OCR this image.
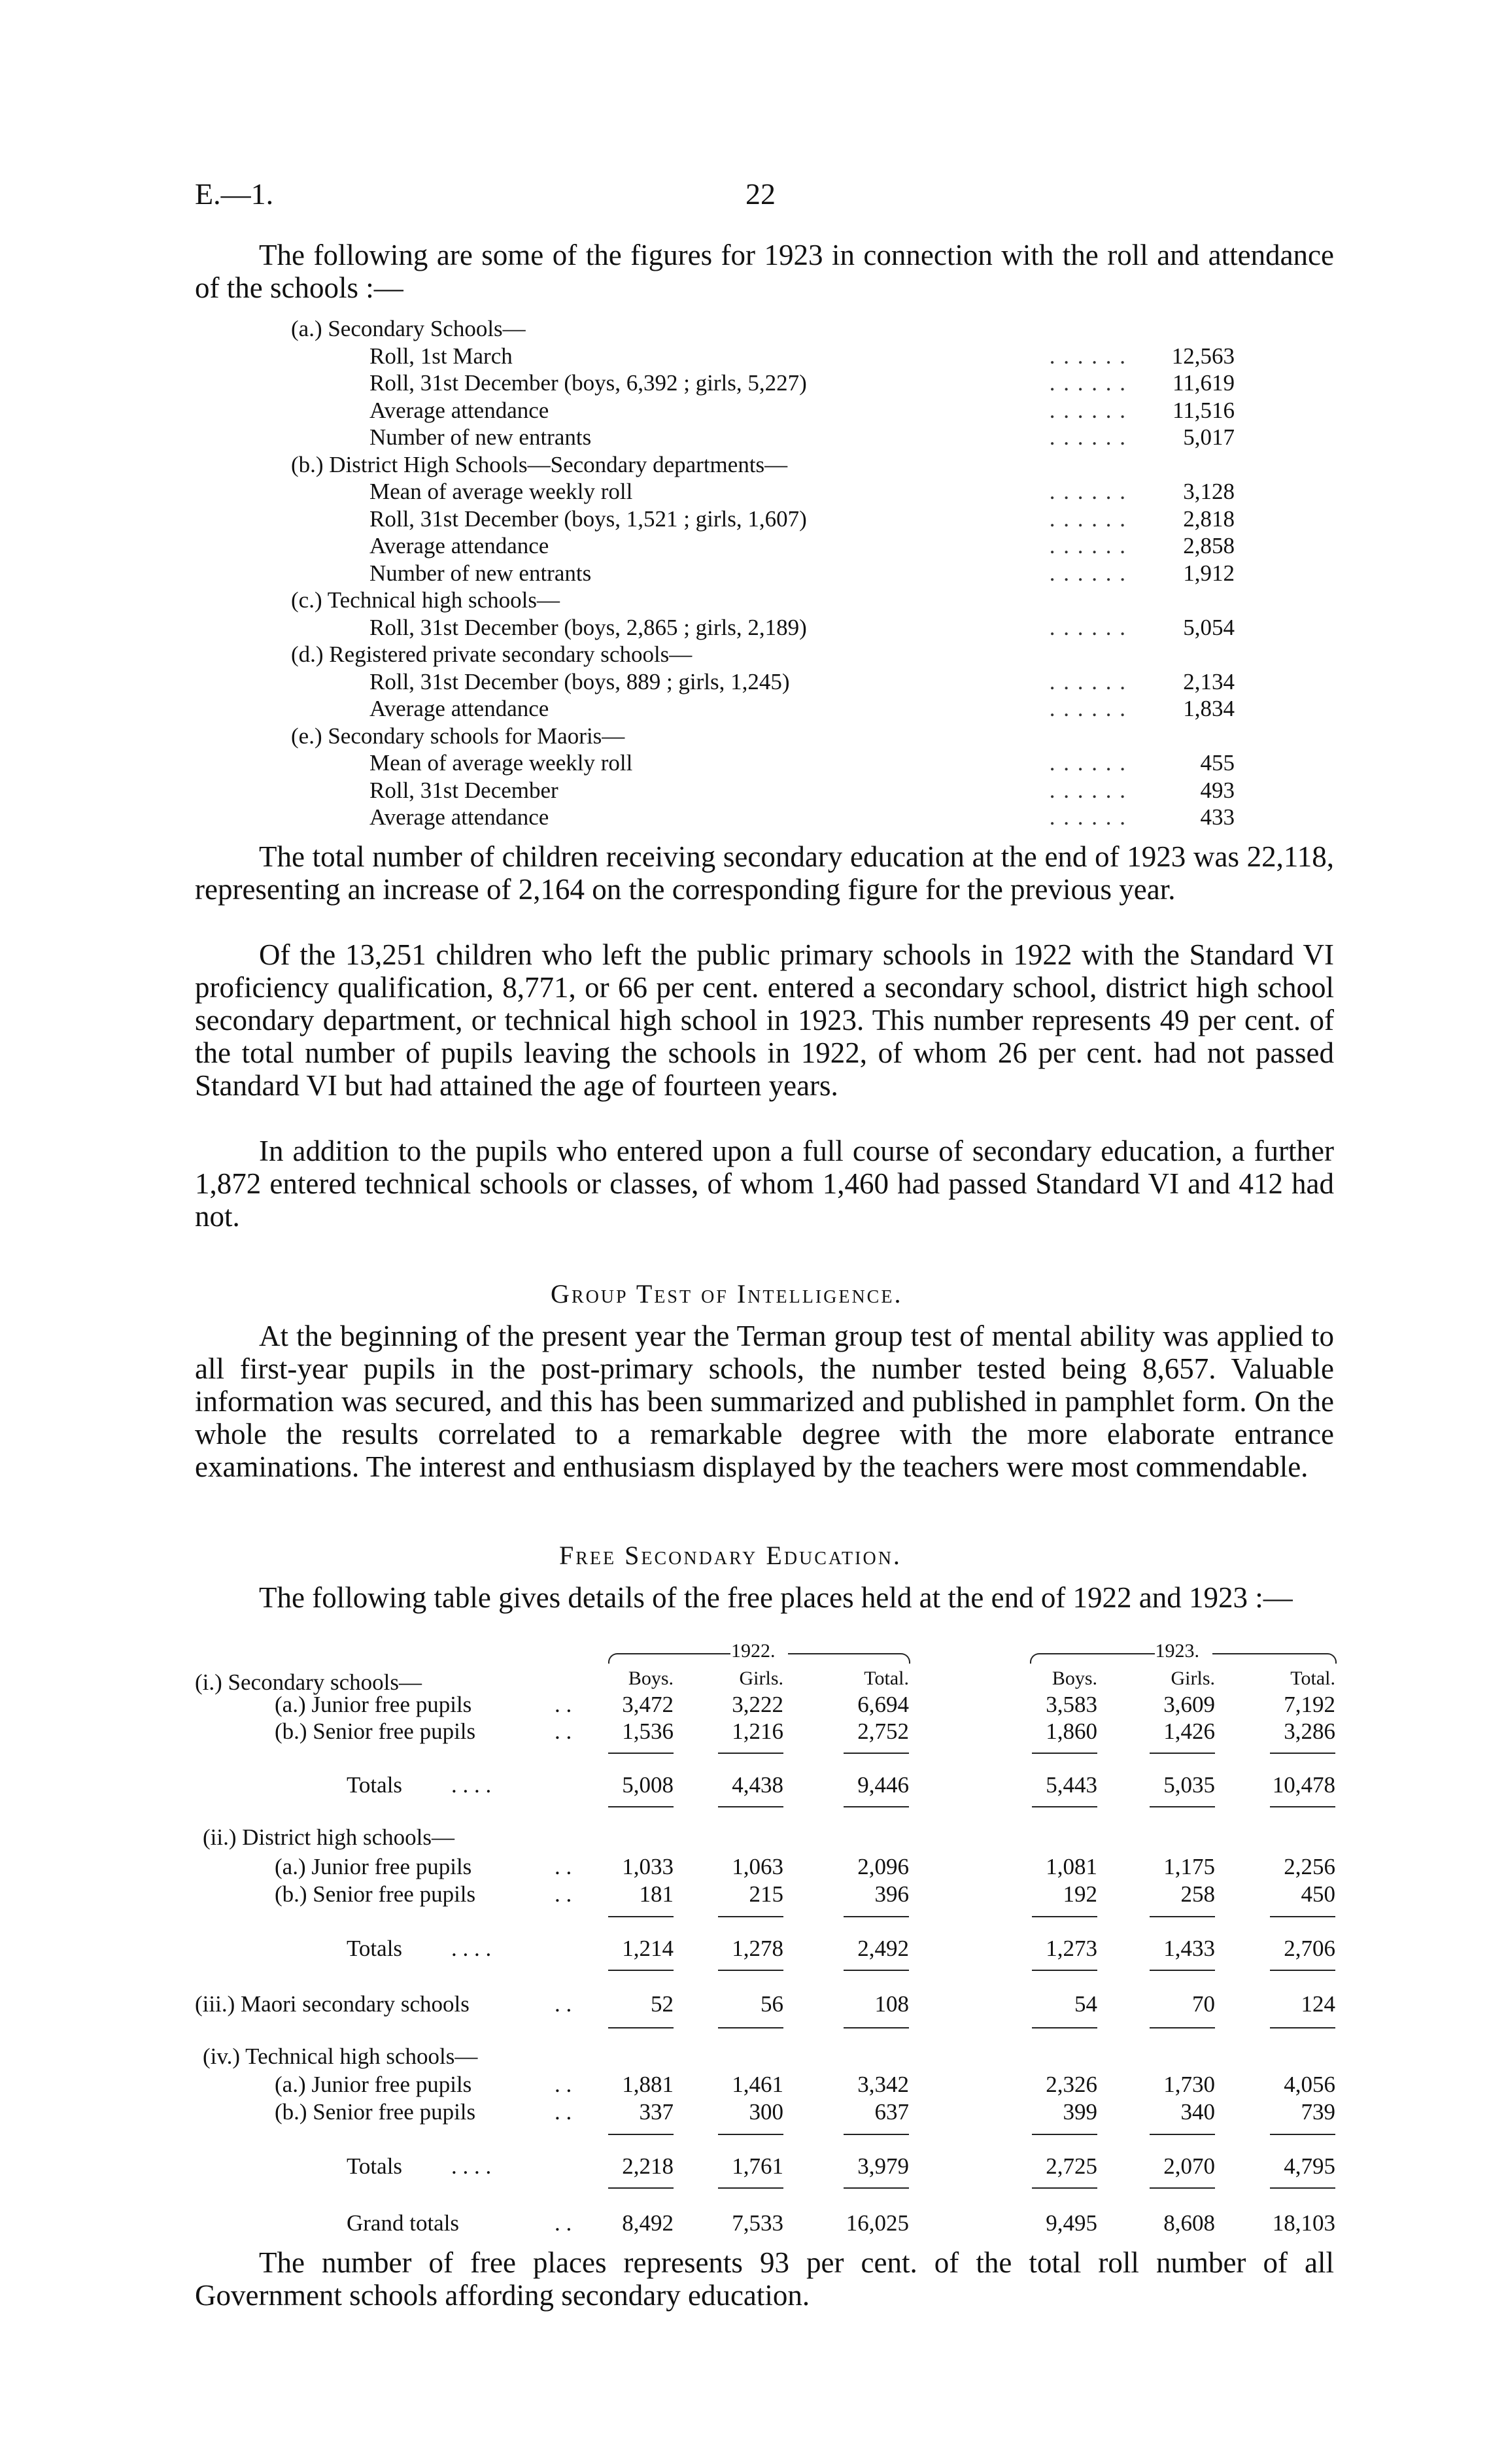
E.—1.	22
The following are some of the figures for 1923 in connection with the roll and attendance of the schools :—
(a.) Secondary Schools—
Roll, 1st March	. . . . . . 12,563
Roll, 31st December (boys, 6,392 ; girls, 5,227)	. . . . . . 11,619
Average attendance	. . . . . . 11,516
Number of new entrants	. . . . . . 5,017
(b.) District High Schools—Secondary departments—
Mean of average weekly roll	. . . . . . 3,128
Roll, 31st December (boys, 1,521 ; girls, 1,607)	. . . . . . 2,818
Average attendance	. . . . . . 2,858
Number of new entrants	. . . . . . 1,912
(c.) Technical high schools—
Roll, 31st December (boys, 2,865 ; girls, 2,189)	. . . . . . 5,054
(d.) Registered private secondary schools—
Roll, 31st December (boys, 889 ; girls, 1,245)	. . . . . . 2,134
Average attendance	. . . . . . 1,834
(e.) Secondary schools for Maoris—
Mean of average weekly roll	. . . . . .	455
Roll, 31st December	. . . . . .	493
Average attendance	. . . . . .	433
The total number of children receiving secondary education at the end of 1923 was 22,118, representing an increase of 2,164 on the corresponding figure for the previous year.
Of the 13,251 children who left the public primary schools in 1922 with the Standard VI proficiency qualification, 8,771, or 66 per cent. entered a secondary school, district high school secondary department, or technical high school in 1923. This number represents 49 per cent. of the total number of pupils leaving the schools in 1922, of whom 26 per cent. had not passed Standard VI but had attained the age of fourteen years.
In addition to the pupils who entered upon a full course of secondary education, a further 1,872 entered technical schools or classes, of whom 1,460 had passed Standard VI and 412 had not.
Group Test of Intelligence.
At the beginning of the present year the Terman group test of mental ability was applied to all first-year pupils in the post-primary schools, the number tested being 8,657. Valuable information was secured, and this has been summarized and published in pamphlet form. On the whole the results correlated to a remarkable degree with the more elaborate entrance examinations. The interest and enthusiasm displayed by the teachers were most commendable.
Free Secondary Education.
The following table gives details of the free places held at the end of 1922 and 1923 :—
1922.	1923.
Boys.	Girls.	Total.	Boys.	Girls.	Total.
(i.) Secondary schools—
(a.) Junior free pupils	. .	3,472	3,222	6,694	3,583	3,609	7,192
(b.) Senior free pupils	. .	1,536	1,216	2,752	1,860	1,426	3,286
Totals . . . .	5,008	4,438	9,446	5,443	5,035	10,478
(ii.) District high schools—
(a.) Junior free pupils	. .	1,033	1,063	2,096	1,081	1,175	2,256
(b.) Senior free pupils	. .	181	215	396	192	258	450
Totals . . . .	1,214	1,278	2,492	1,273	1,433	2,706
(iii.) Maori secondary schools	. .	52	56	108	54	70	124
(iv.) Technical high schools—
(a.) Junior free pupils	. .	1,881	1,461	3,342	2,326	1,730	4,056
(b.) Senior free pupils	. .	337	300	637	399	340	739
Totals . . . .	2,218	1,761	3,979	2,725	2,070	4,795
Grand totals	. .	8,492	7,533	16,025	9,495	8,608	18,103
The number of free places represents 93 per cent. of the total roll number of all Government schools affording secondary education.
